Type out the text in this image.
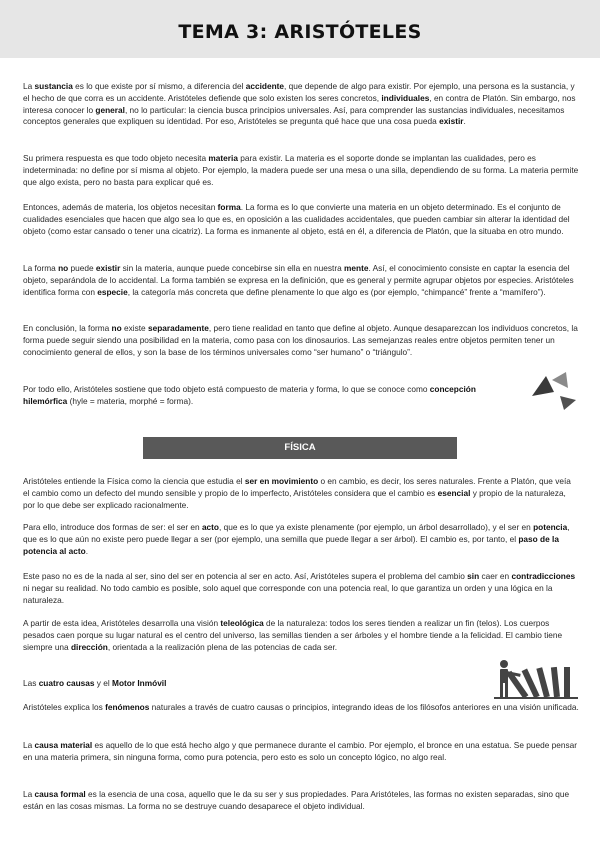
TEMA 3: ARISTÓTELES

La sustancia es lo que existe por sí mismo, a diferencia del accidente, que depende de algo para existir. Por ejemplo, una persona es la sustancia, y el hecho de que corra es un accidente. Aristóteles defiende que solo existen los seres concretos, individuales, en contra de Platón. Sin embargo, nos interesa conocer lo general, no lo particular: la ciencia busca principios universales. Así, para comprender las sustancias individuales, necesitamos conceptos generales que expliquen su identidad. Por eso, Aristóteles se pregunta qué hace que una cosa pueda existir.

Su primera respuesta es que todo objeto necesita materia para existir. La materia es el soporte donde se implantan las cualidades, pero es indeterminada: no define por sí misma al objeto. Por ejemplo, la madera puede ser una mesa o una silla, dependiendo de su forma. La materia permite que algo exista, pero no basta para explicar qué es.

Entonces, además de materia, los objetos necesitan forma. La forma es lo que convierte una materia en un objeto determinado. Es el conjunto de cualidades esenciales que hacen que algo sea lo que es, en oposición a las cualidades accidentales, que pueden cambiar sin alterar la identidad del objeto (como estar cansado o tener una cicatriz). La forma es inmanente al objeto, está en él, a diferencia de Platón, que la situaba en otro mundo.

La forma no puede existir sin la materia, aunque puede concebirse sin ella en nuestra mente. Así, el conocimiento consiste en captar la esencia del objeto, separándola de lo accidental. La forma también se expresa en la definición, que es general y permite agrupar objetos por especies. Aristóteles identifica forma con especie, la categoría más concreta que define plenamente lo que algo es (por ejemplo, “chimpancé” frente a “mamífero”).

En conclusión, la forma no existe separadamente, pero tiene realidad en tanto que define al objeto. Aunque desaparezcan los individuos concretos, la forma puede seguir siendo una posibilidad en la materia, como pasa con los dinosaurios. Las semejanzas reales entre objetos permiten tener un conocimiento general de ellos, y son la base de los términos universales como “ser humano” o “triángulo”.

Por todo ello, Aristóteles sostiene que todo objeto está compuesto de materia y forma, lo que se conoce como concepción hilemórfica (hyle = materia, morphé = forma).

FÍSICA

Aristóteles entiende la Física como la ciencia que estudia el ser en movimiento o en cambio, es decir, los seres naturales. Frente a Platón, que veía el cambio como un defecto del mundo sensible y propio de lo imperfecto, Aristóteles considera que el cambio es esencial y propio de la naturaleza, por lo que debe ser explicado racionalmente.

Para ello, introduce dos formas de ser: el ser en acto, que es lo que ya existe plenamente (por ejemplo, un árbol desarrollado), y el ser en potencia, que es lo que aún no existe pero puede llegar a ser (por ejemplo, una semilla que puede llegar a ser árbol). El cambio es, por tanto, el paso de la potencia al acto.

Este paso no es de la nada al ser, sino del ser en potencia al ser en acto. Así, Aristóteles supera el problema del cambio sin caer en contradicciones ni negar su realidad. No todo cambio es posible, solo aquel que corresponde con una potencia real, lo que garantiza un orden y una lógica en la naturaleza.

A partir de esta idea, Aristóteles desarrolla una visión teleológica de la naturaleza: todos los seres tienden a realizar un fin (telos). Los cuerpos pesados caen porque su lugar natural es el centro del universo, las semillas tienden a ser árboles y el hombre tiende a la felicidad. El cambio tiene siempre una dirección, orientada a la realización plena de las potencias de cada ser.

Las cuatro causas y el Motor Inmóvil

Aristóteles explica los fenómenos naturales a través de cuatro causas o principios, integrando ideas de los filósofos anteriores en una visión unificada.

La causa material es aquello de lo que está hecho algo y que permanece durante el cambio. Por ejemplo, el bronce en una estatua. Se puede pensar en una materia primera, sin ninguna forma, como pura potencia, pero esto es solo un concepto lógico, no algo real.

La causa formal es la esencia de una cosa, aquello que le da su ser y sus propiedades. Para Aristóteles, las formas no existen separadas, sino que están en las cosas mismas. La forma no se destruye cuando desaparece el objeto individual.
